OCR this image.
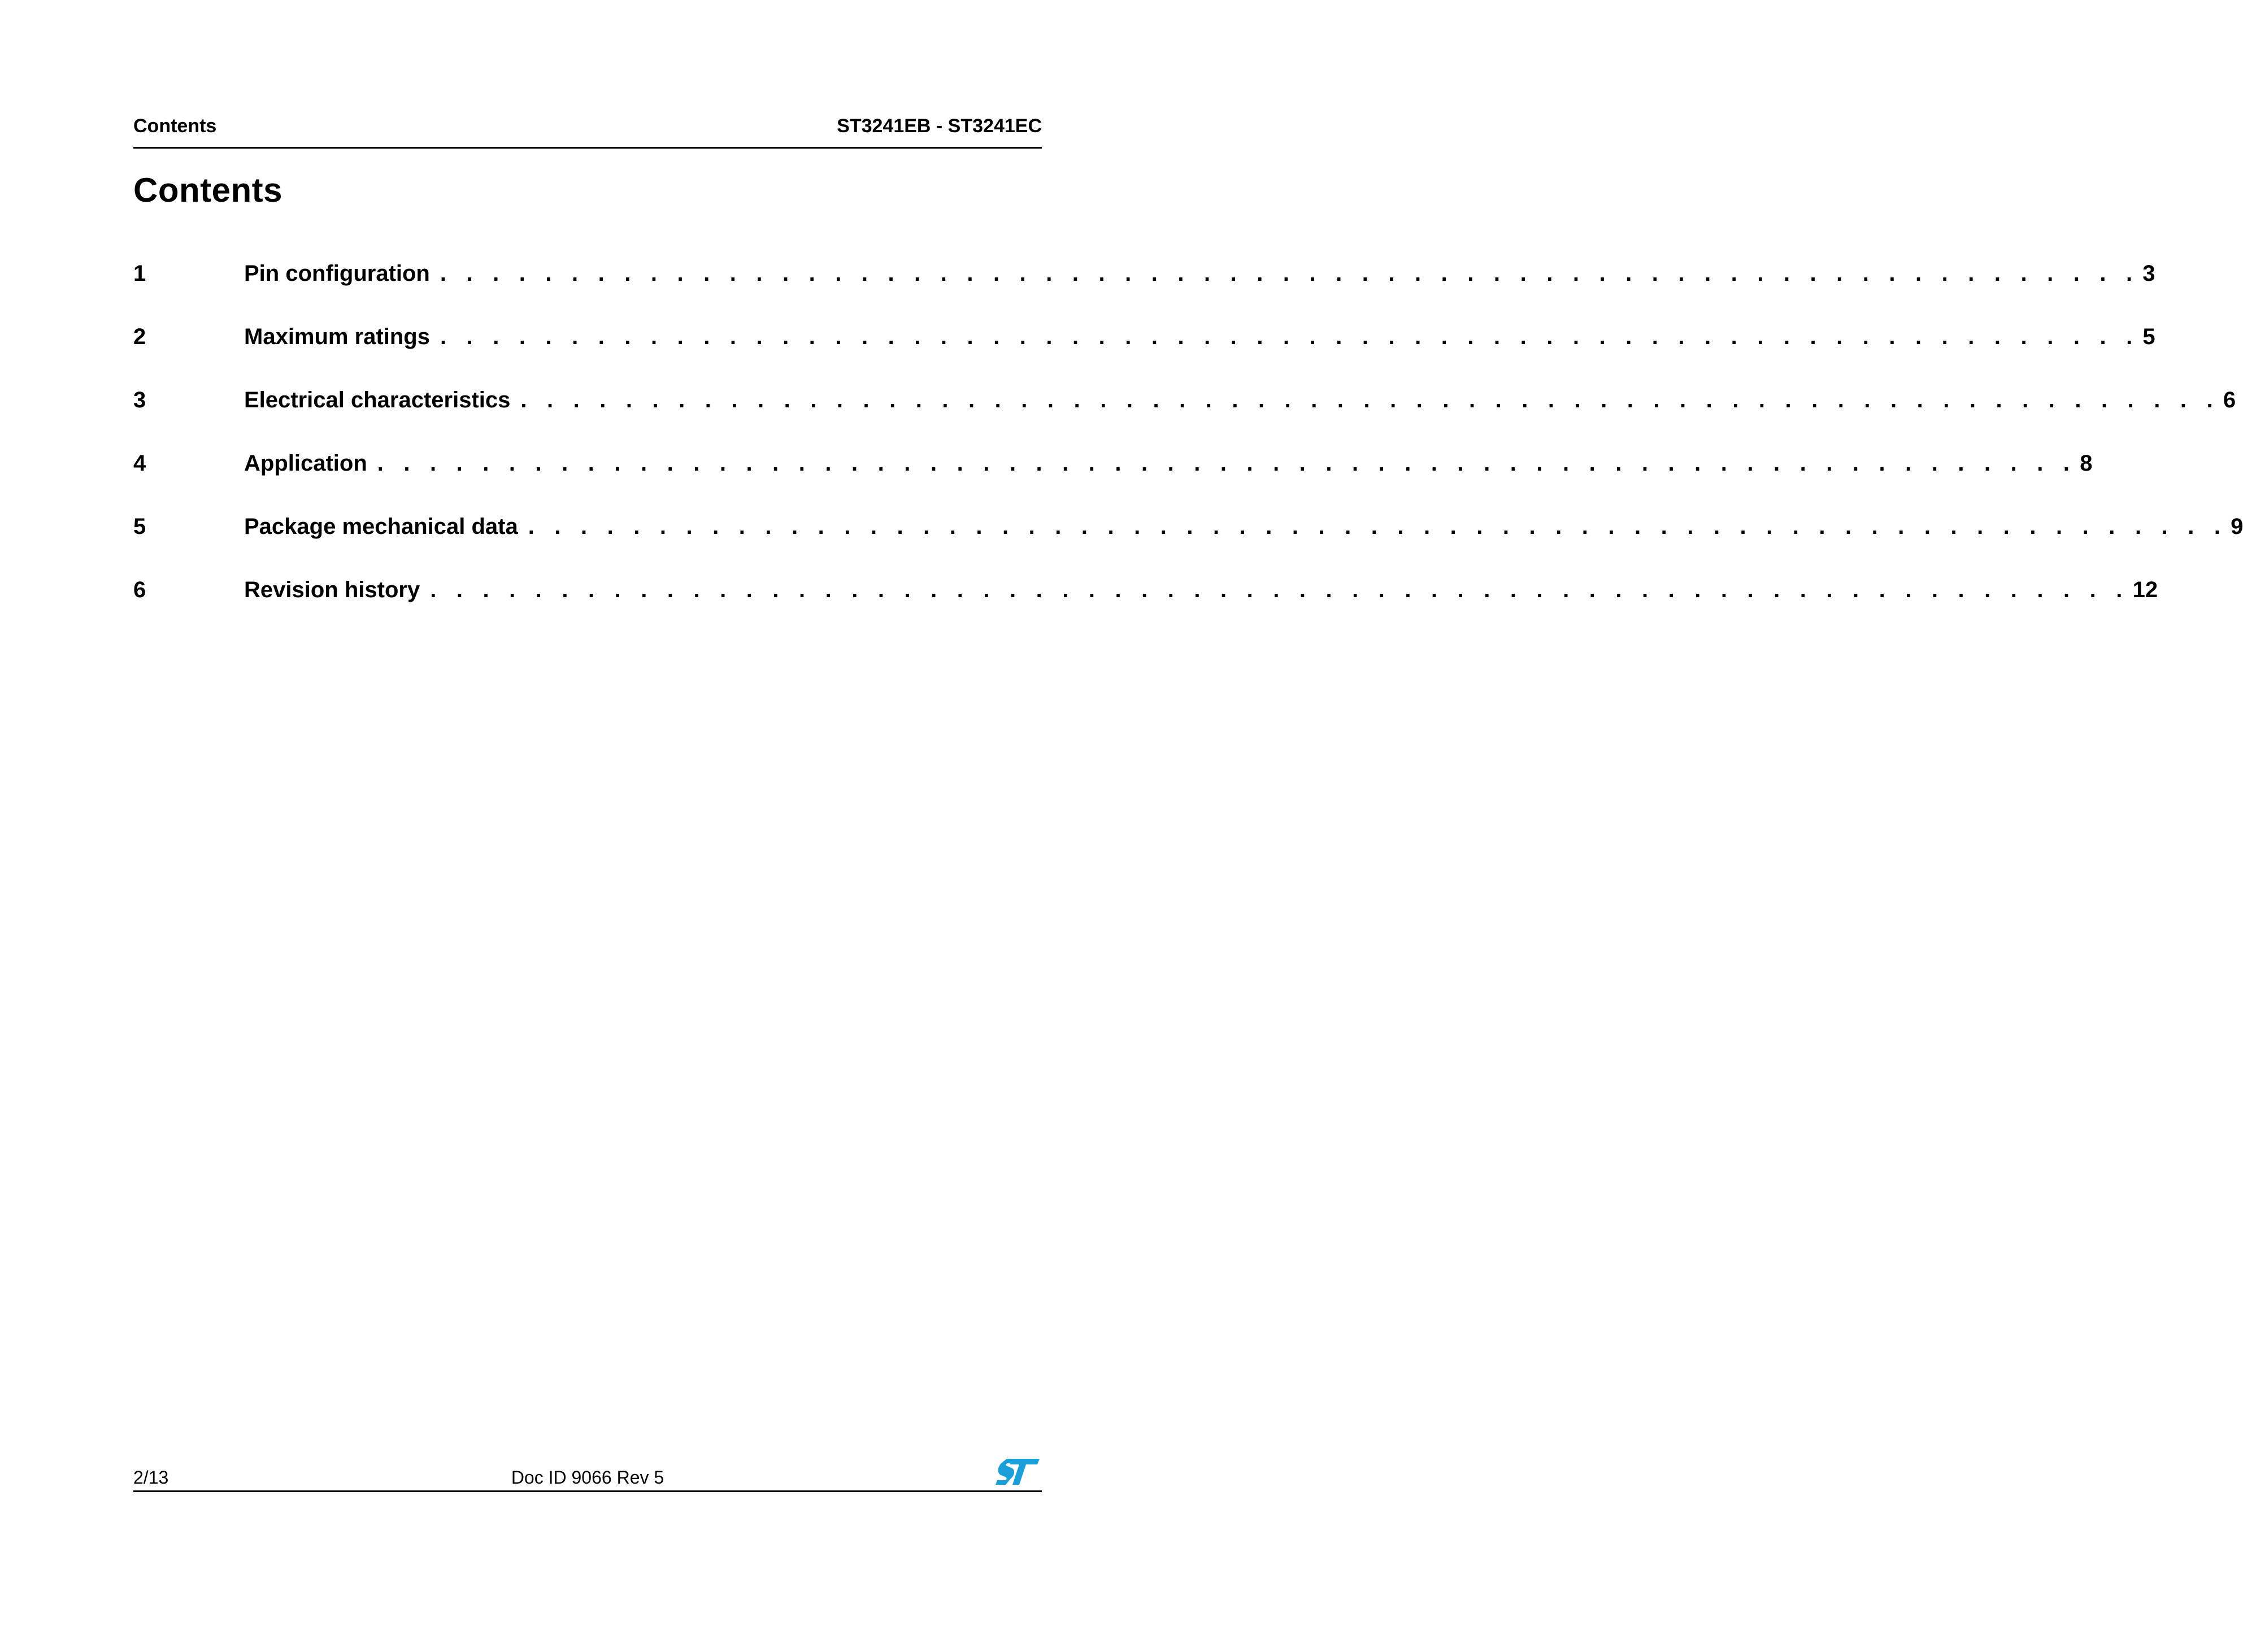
Contents	ST3241EB - ST3241EC
Contents
1	Pin configuration . . . . . . . . . . . . . . . . . . . . . . . . . . . . . . . . . . . . . . . . . . . . . . . . . . . . . . . . . . . . . . . . . 3
2	Maximum ratings . . . . . . . . . . . . . . . . . . . . . . . . . . . . . . . . . . . . . . . . . . . . . . . . . . . . . . . . . . . . . . . . . 5
3	Electrical characteristics . . . . . . . . . . . . . . . . . . . . . . . . . . . . . . . . . . . . . . . . . . . . . . . . . . . . . . . . . . . . . . . . . 6
4	Application . . . . . . . . . . . . . . . . . . . . . . . . . . . . . . . . . . . . . . . . . . . . . . . . . . . . . . . . . . . . . . . . . 8
5	Package mechanical data . . . . . . . . . . . . . . . . . . . . . . . . . . . . . . . . . . . . . . . . . . . . . . . . . . . . . . . . . . . . . . . . . 9
6	Revision history . . . . . . . . . . . . . . . . . . . . . . . . . . . . . . . . . . . . . . . . . . . . . . . . . . . . . . . . . . . . . . . . . 12
2/13	Doc ID 9066 Rev 5
